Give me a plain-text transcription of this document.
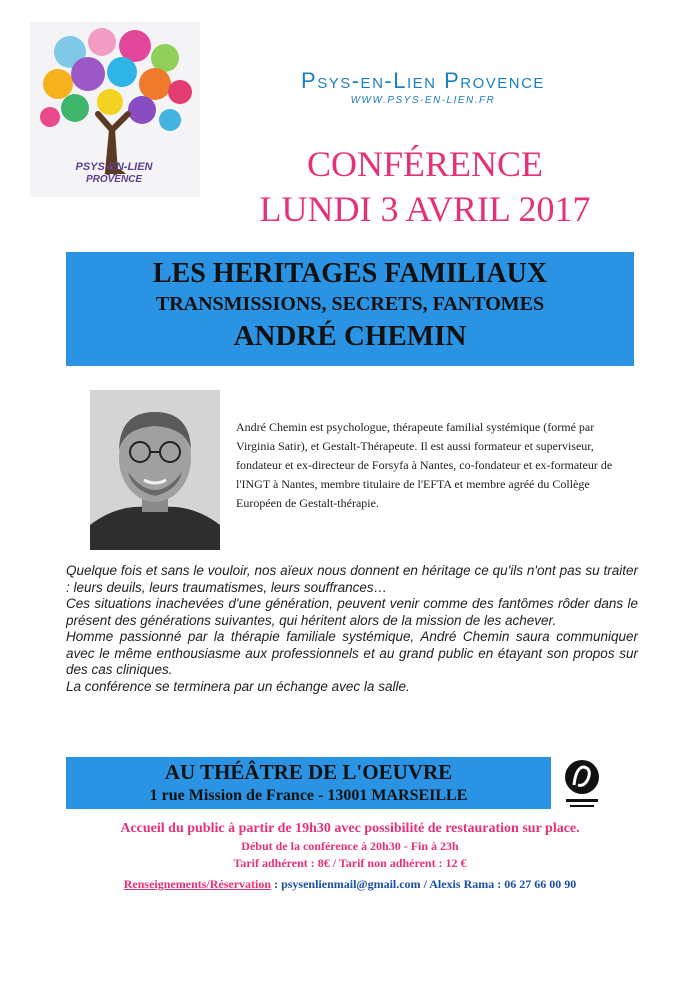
PSYS-EN-LIEN
PROVENCE
Psys-en-Lien Provence
WWW.PSYS-EN-LIEN.FR
CONFÉRENCE
LUNDI 3 AVRIL 2017
LES HERITAGES FAMILIAUX
TRANSMISSIONS, SECRETS, FANTOMES
ANDRÉ CHEMIN
André Chemin est psychologue, thérapeute familial systémique (formé par Virginia Satir), et Gestalt-Thérapeute. Il est aussi formateur et superviseur, fondateur et ex-directeur de Forsyfa à Nantes, co-fondateur et ex-formateur de l'INGT à Nantes, membre titulaire de l'EFTA et membre agréé du Collège Européen de Gestalt-thérapie.

Quelque fois et sans le vouloir, nos aïeux nous donnent en héritage ce qu'ils n'ont pas su traiter : leurs deuils, leurs traumatismes, leurs souffrances…

Ces situations inachevées d'une génération, peuvent venir comme des fantômes rôder dans le présent des générations suivantes, qui héritent alors de la mission de les achever.

Homme passionné par la thérapie familiale systémique, André Chemin saura communiquer avec le même enthousiasme aux professionnels et au grand public en étayant son propos sur des cas cliniques.

La conférence se terminera par un échange avec la salle.

AU THÉÂTRE DE L'OEUVRE
1 rue Mission de France - 13001 MARSEILLE
Accueil du public à partir de 19h30 avec possibilité de restauration sur place.
Début de la conférence à 20h30 - Fin à 23h
Tarif adhérent : 8€ / Tarif non adhérent : 12 €
Renseignements/Réservation : psysenlienmail@gmail.com / Alexis Rama : 06 27 66 00 90
